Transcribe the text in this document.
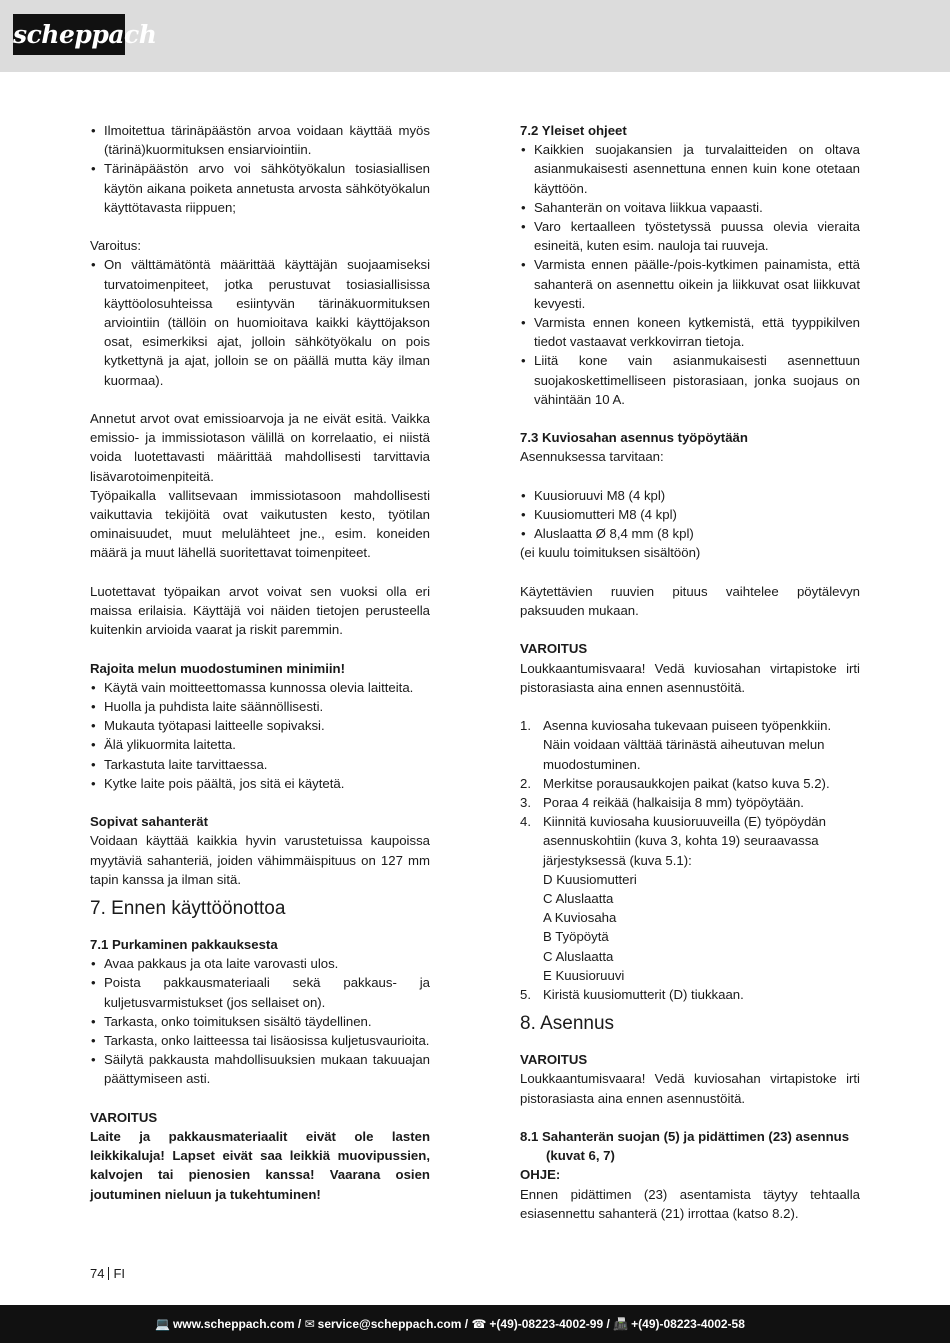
scheppach
• Ilmoitettua tärinäpäästön arvoa voidaan käyttää myös (tärinä)kuormituksen ensiarviointiin.
• Tärinäpäästön arvo voi sähkötyökalun tosiasiallisen käytön aikana poiketa annetusta arvosta sähkötyökalun käyttötavasta riippuen;

Varoitus:

• On välttämätöntä määrittää käyttäjän suojaamiseksi turvatoimenpiteet, jotka perustuvat tosiasiallisissa käyttöolosuhteissa esiintyvän tärinäkuormituksen arviointiin (tällöin on huomioitava kaikki käyttöjakson osat, esimerkiksi ajat, jolloin sähkötyökalu on pois kytkettynä ja ajat, jolloin se on päällä mutta käy ilman kuormaa).

Annetut arvot ovat emissioarvoja ja ne eivät esitä. Vaikka emissio- ja immissiotason välillä on korrelaatio, ei niistä voida luotettavasti määrittää mahdollisesti tarvittavia lisävarotoimenpiteitä.

Työpaikalla vallitsevaan immissiotasoon mahdollisesti vaikuttavia tekijöitä ovat vaikutusten kesto, työtilan ominaisuudet, muut melulähteet jne., esim. koneiden määrä ja muut lähellä suoritettavat toimenpiteet.

Luotettavat työpaikan arvot voivat sen vuoksi olla eri maissa erilaisia. Käyttäjä voi näiden tietojen perusteella kuitenkin arvioida vaarat ja riskit paremmin.

Rajoita melun muodostuminen minimiin!

• Käytä vain moitteettomassa kunnossa olevia laitteita.
• Huolla ja puhdista laite säännöllisesti.
• Mukauta työtapasi laitteelle sopivaksi.
• Älä ylikuormita laitetta.
• Tarkastuta laite tarvittaessa.
• Kytke laite pois päältä, jos sitä ei käytetä.

Sopivat sahanterät

Voidaan käyttää kaikkia hyvin varustetuissa kaupoissa myytäviä sahanteriä, joiden vähimmäispituus on 127 mm tapin kanssa ja ilman sitä.

7. Ennen käyttöönottoa

7.1 Purkaminen pakkauksesta

• Avaa pakkaus ja ota laite varovasti ulos.
• Poista pakkausmateriaali sekä pakkaus- ja kuljetusvarmistukset (jos sellaiset on).
• Tarkasta, onko toimituksen sisältö täydellinen.
• Tarkasta, onko laitteessa tai lisäosissa kuljetusvaurioita.
• Säilytä pakkausta mahdollisuuksien mukaan takuuajan päättymiseen asti.

VAROITUS

Laite ja pakkausmateriaalit eivät ole lasten leikkikaluja! Lapset eivät saa leikkiä muovipussien, kalvojen tai pienosien kanssa! Vaarana osien joutuminen nieluun ja tukehtuminen!

7.2 Yleiset ohjeet

• Kaikkien suojakansien ja turvalaitteiden on oltava asianmukaisesti asennettuna ennen kuin kone otetaan käyttöön.
• Sahanterän on voitava liikkua vapaasti.
• Varo kertaalleen työstetyssä puussa olevia vieraita esineitä, kuten esim. nauloja tai ruuveja.
• Varmista ennen päälle-/pois-kytkimen painamista, että sahanterä on asennettu oikein ja liikkuvat osat liikkuvat kevyesti.
• Varmista ennen koneen kytkemistä, että tyyppikilven tiedot vastaavat verkkovirran tietoja.
• Liitä kone vain asianmukaisesti asennettuun suojakoskettimelliseen pistorasiaan, jonka suojaus on vähintään 10 A.

7.3 Kuviosahan asennus työpöytään

Asennuksessa tarvitaan:

• Kuusioruuvi M8 (4 kpl)
• Kuusiomutteri M8 (4 kpl)
• Aluslaatta Ø 8,4 mm (8 kpl)

(ei kuulu toimituksen sisältöön)

Käytettävien ruuvien pituus vaihtelee pöytälevyn paksuuden mukaan.

VAROITUS

Loukkaantumisvaara! Vedä kuviosahan virtapistoke irti pistorasiasta aina ennen asennustöitä.

1. Asenna kuviosaha tukevaan puiseen työpenkkiin. Näin voidaan välttää tärinästä aiheutuvan melun muodostuminen.
2. Merkitse porausaukkojen paikat (katso kuva 5.2).
3. Poraa 4 reikää (halkaisija 8 mm) työpöytään.
4. Kiinnitä kuviosaha kuusioruuveilla (E) työpöydän asennuskohtiin (kuva 3, kohta 19) seuraavassa järjestyksessä (kuva 5.1):
D Kuusiomutteri
C Aluslaatta
A Kuviosaha
B Työpöytä
C Aluslaatta
E Kuusioruuvi
5. Kiristä kuusiomutterit (D) tiukkaan.
8. Asennus

VAROITUS

Loukkaantumisvaara! Vedä kuviosahan virtapistoke irti pistorasiasta aina ennen asennustöitä.

8.1 Sahanterän suojan (5) ja pidättimen (23) asennus (kuvat 6, 7)

OHJE:

Ennen pidättimen (23) asentamista täytyy tehtaalla esiasennettu sahanterä (21) irrottaa (katso 8.2).

74 FI
💻 www.scheppach.com / ✉ service@scheppach.com / ☎ +(49)-08223-4002-99 / 📠 +(49)-08223-4002-58
